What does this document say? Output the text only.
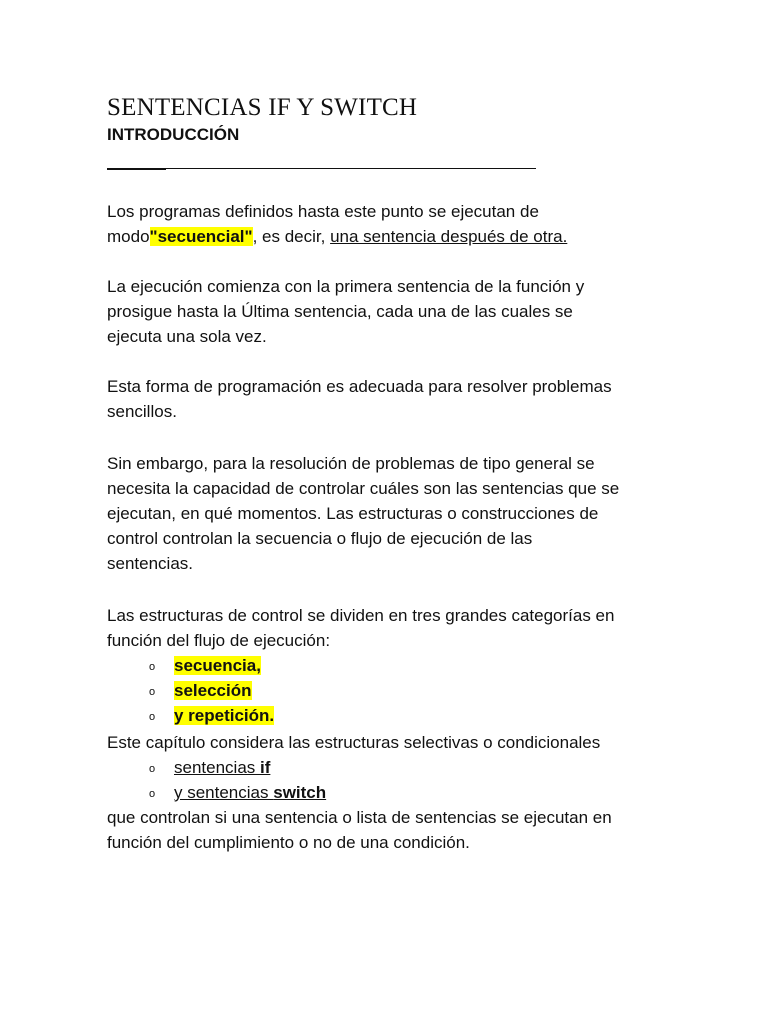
SENTENCIAS IF Y SWITCH
INTRODUCCIÓN
Los programas definidos hasta este punto se ejecutan de
modo"secuencial", es decir, una sentencia después de otra.
La ejecución comienza con la primera sentencia de la función y
prosigue hasta la Última sentencia, cada una de las cuales se
ejecuta una sola vez.
Esta forma de programación es adecuada para resolver problemas
sencillos.
Sin embargo, para la resolución de problemas de tipo general se
necesita la capacidad de controlar cuáles son las sentencias que se
ejecutan, en qué momentos. Las estructuras o construcciones de
control controlan la secuencia o flujo de ejecución de las
sentencias.
Las estructuras de control se dividen en tres grandes categorías en
función del flujo de ejecución:
o secuencia,
o selección
o y repetición.
Este capítulo considera las estructuras selectivas o condicionales
o sentencias if
o y sentencias switch
que controlan si una sentencia o lista de sentencias se ejecutan en
función del cumplimiento o no de una condición.
